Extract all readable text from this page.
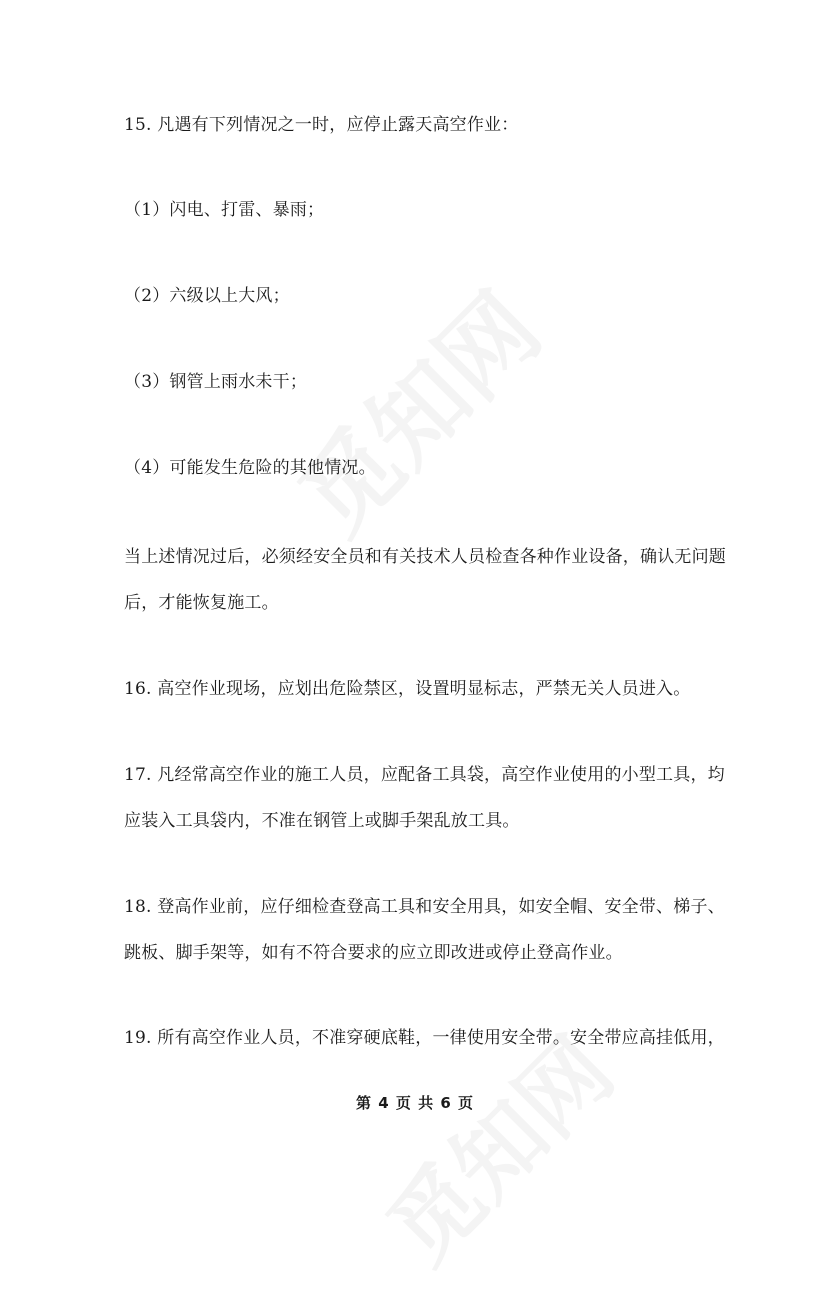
15. 凡遇有下列情况之一时，应停止露天高空作业：
（1）闪电、打雷、暴雨；
（2）六级以上大风；
（3）钢管上雨水未干；
（4）可能发生危险的其他情况。
当上述情况过后，必须经安全员和有关技术人员检查各种作业设备，确认无问题
后，才能恢复施工。
16. 高空作业现场，应划出危险禁区，设置明显标志，严禁无关人员进入。
17. 凡经常高空作业的施工人员，应配备工具袋，高空作业使用的小型工具，均
应装入工具袋内，不准在钢管上或脚手架乱放工具。
18. 登高作业前，应仔细检查登高工具和安全用具，如安全帽、安全带、梯子、
跳板、脚手架等，如有不符合要求的应立即改进或停止登高作业。
19. 所有高空作业人员，不准穿硬底鞋，一律使用安全带。安全带应高挂低用，
第 4 页 共 6 页
